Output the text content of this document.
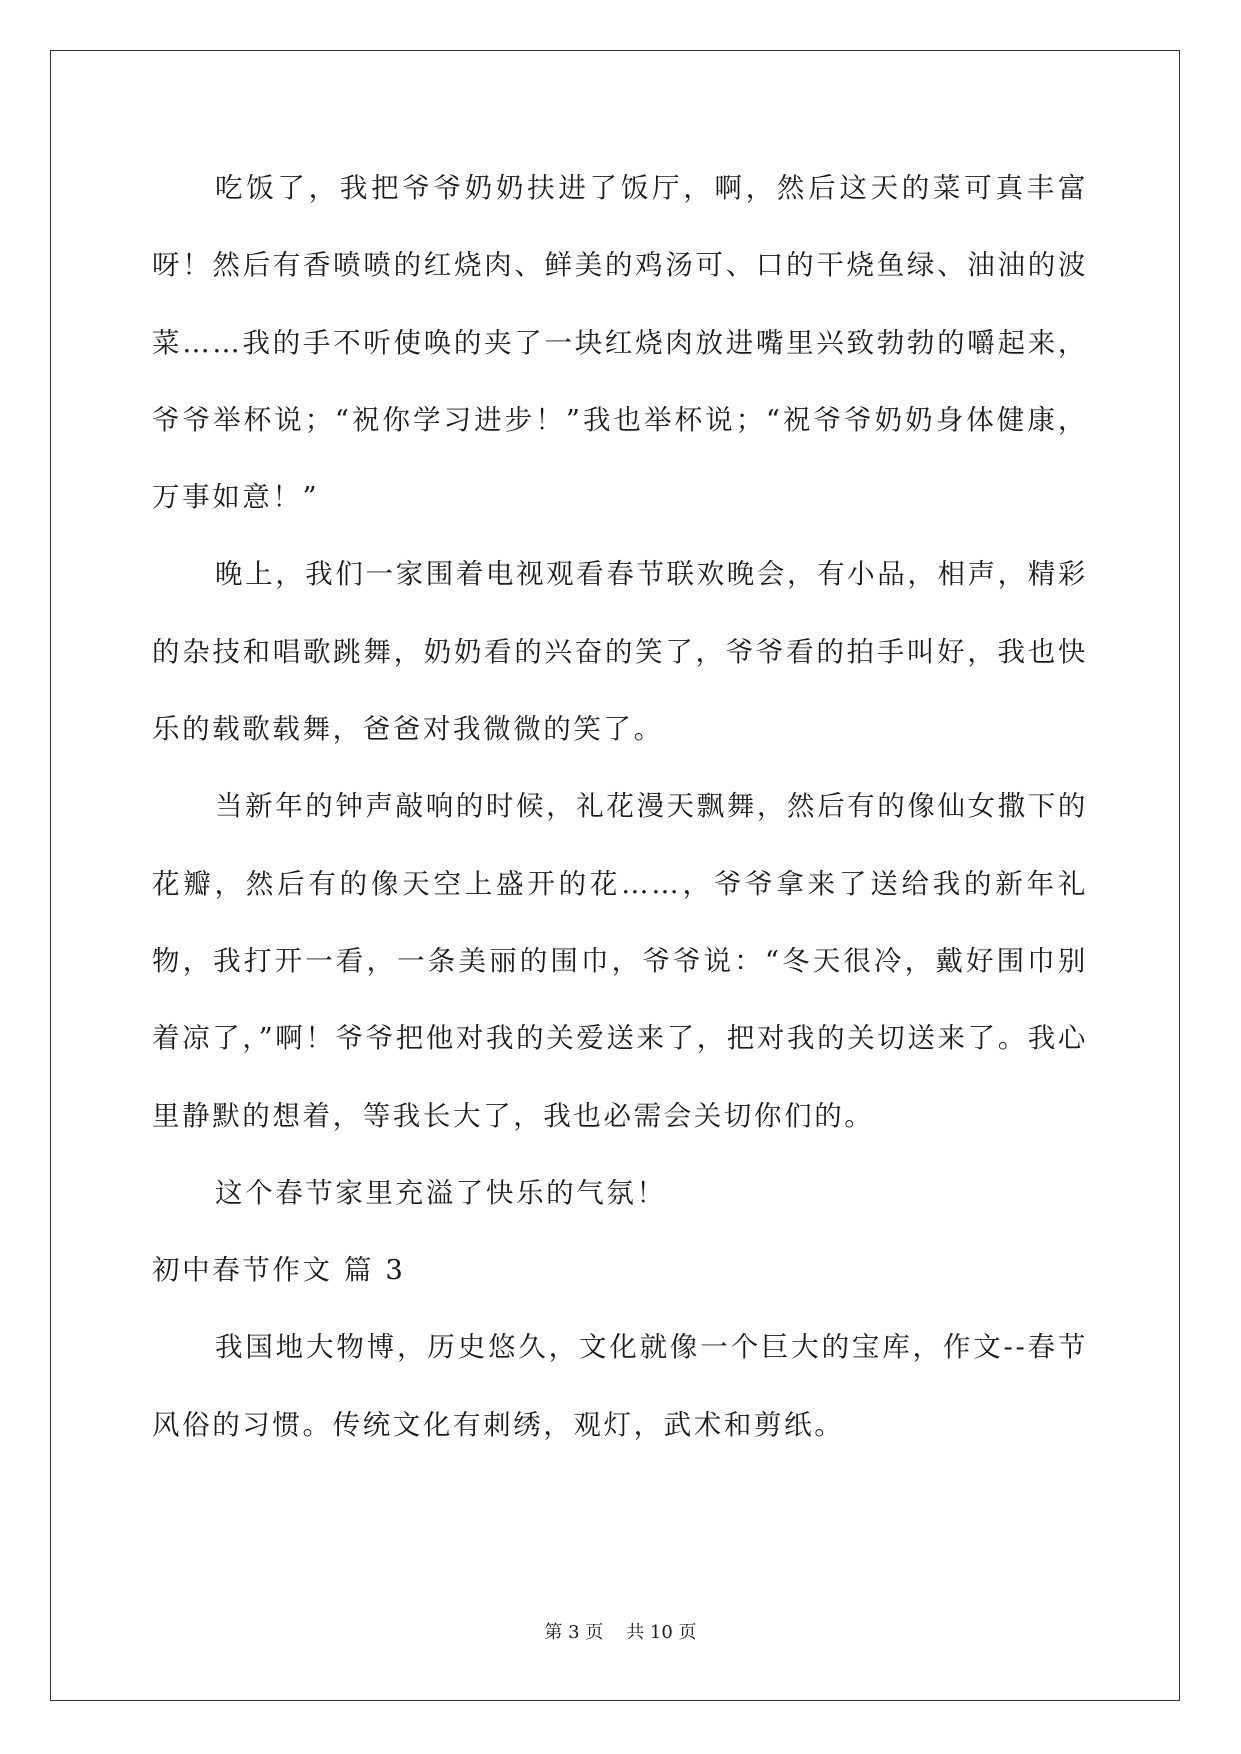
吃饭了，我把爷爷奶奶扶进了饭厅，啊，然后这天的菜可真丰富呀！然后有香喷喷的红烧肉、鲜美的鸡汤可、口的干烧鱼绿、油油的波菜……我的手不听使唤的夹了一块红烧肉放进嘴里兴致勃勃的嚼起来，爷爷举杯说；“祝你学习进步！”我也举杯说；“祝爷爷奶奶身体健康，万事如意！”

晚上，我们一家围着电视观看春节联欢晚会，有小品，相声，精彩的杂技和唱歌跳舞，奶奶看的兴奋的笑了，爷爷看的拍手叫好，我也快乐的载歌载舞，爸爸对我微微的笑了。

当新年的钟声敲响的时候，礼花漫天飘舞，然后有的像仙女撒下的花瓣，然后有的像天空上盛开的花……，爷爷拿来了送给我的新年礼物，我打开一看，一条美丽的围巾，爷爷说：“冬天很冷，戴好围巾别着凉了，”啊！爷爷把他对我的关爱送来了，把对我的关切送来了。我心里静默的想着，等我长大了，我也必需会关切你们的。

这个春节家里充溢了快乐的气氛！

初中春节作文 篇 3

我国地大物博，历史悠久，文化就像一个巨大的宝库，作文--春节风俗的习惯。传统文化有刺绣，观灯，武术和剪纸。

第 3 页    共 10 页
